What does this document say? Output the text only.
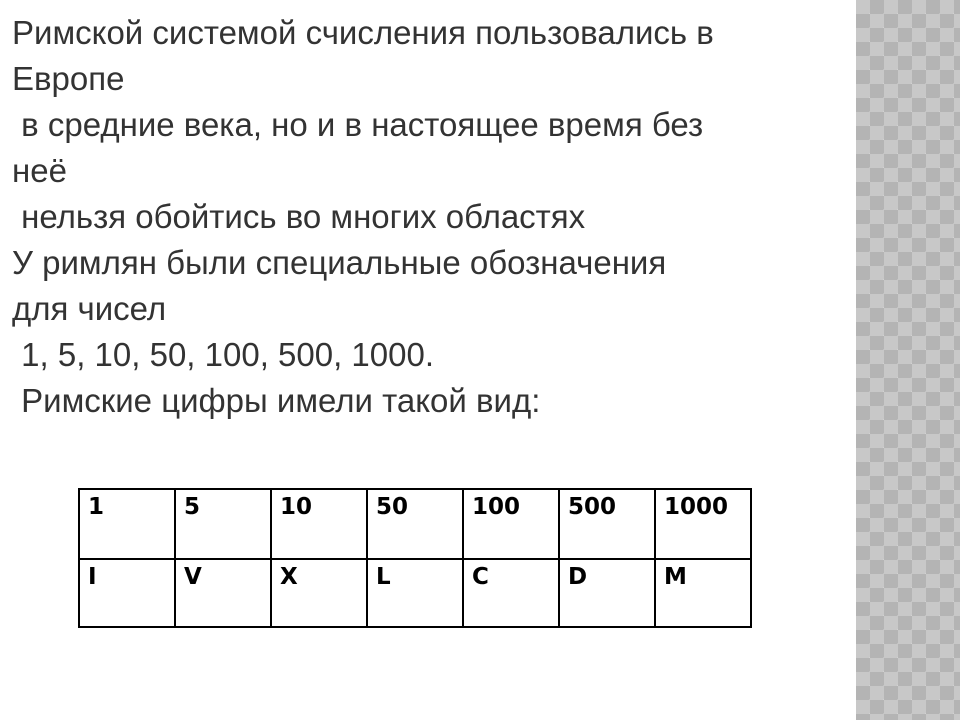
Римской системой счисления пользовались в
Европе
в средние века, но и в настоящее время без
неё
нельзя обойтись во многих областях
У римлян были специальные обозначения
для чисел
1, 5, 10, 50, 100, 500, 1000.
Римские цифры имели такой вид:
1	5	10	50	100	500	1000
I	V	X	L	C	D	M
